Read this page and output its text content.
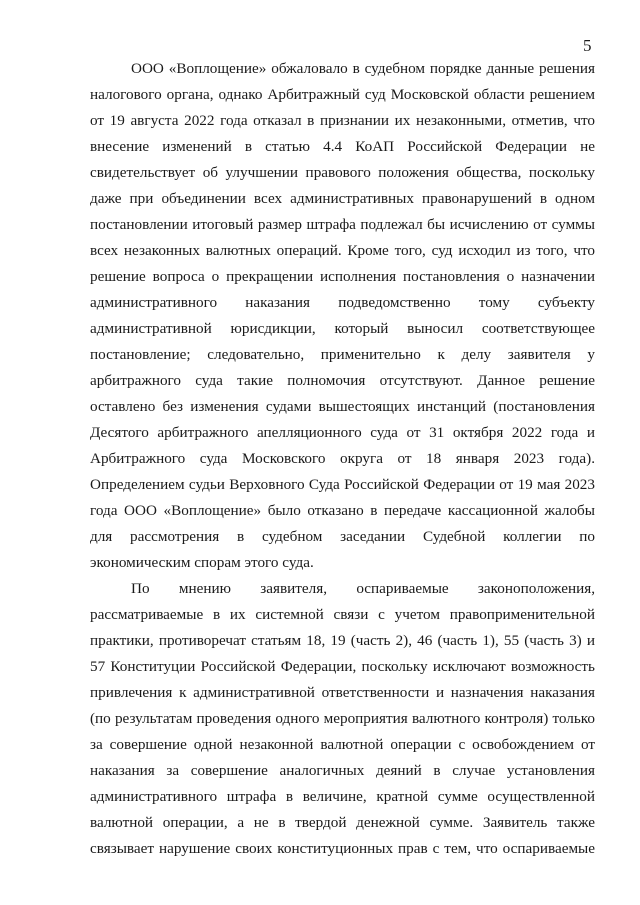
5
ООО «Воплощение» обжаловало в судебном порядке данные решения
налогового органа, однако Арбитражный суд Московской области решением
от 19 августа 2022 года отказал в признании их незаконными, отметив, что
внесение изменений в статью 4.4 КоАП Российской Федерации не
свидетельствует об улучшении правового положения общества, поскольку
даже при объединении всех административных правонарушений в одном
постановлении итоговый размер штрафа подлежал бы исчислению от суммы
всех незаконных валютных операций. Кроме того, суд исходил из того, что
решение вопроса о прекращении исполнения постановления о назначении
административного наказания подведомственно тому субъекту
административной юрисдикции, который выносил соответствующее
постановление; следовательно, применительно к делу заявителя у
арбитражного суда такие полномочия отсутствуют. Данное решение
оставлено без изменения судами вышестоящих инстанций (постановления
Десятого арбитражного апелляционного суда от 31 октября 2022 года и
Арбитражного суда Московского округа от 18 января 2023 года).
Определением судьи Верховного Суда Российской Федерации от 19 мая 2023
года ООО «Воплощение» было отказано в передаче кассационной жалобы
для рассмотрения в судебном заседании Судебной коллегии по
экономическим спорам этого суда.
По мнению заявителя, оспариваемые законоположения,
рассматриваемые в их системной связи с учетом правоприменительной
практики, противоречат статьям 18, 19 (часть 2), 46 (часть 1), 55 (часть 3) и
57 Конституции Российской Федерации, поскольку исключают возможность
привлечения к административной ответственности и назначения наказания
(по результатам проведения одного мероприятия валютного контроля) только
за совершение одной незаконной валютной операции с освобождением от
наказания за совершение аналогичных деяний в случае установления
административного штрафа в величине, кратной сумме осуществленной
валютной операции, а не в твердой денежной сумме. Заявитель также
связывает нарушение своих конституционных прав с тем, что оспариваемые
